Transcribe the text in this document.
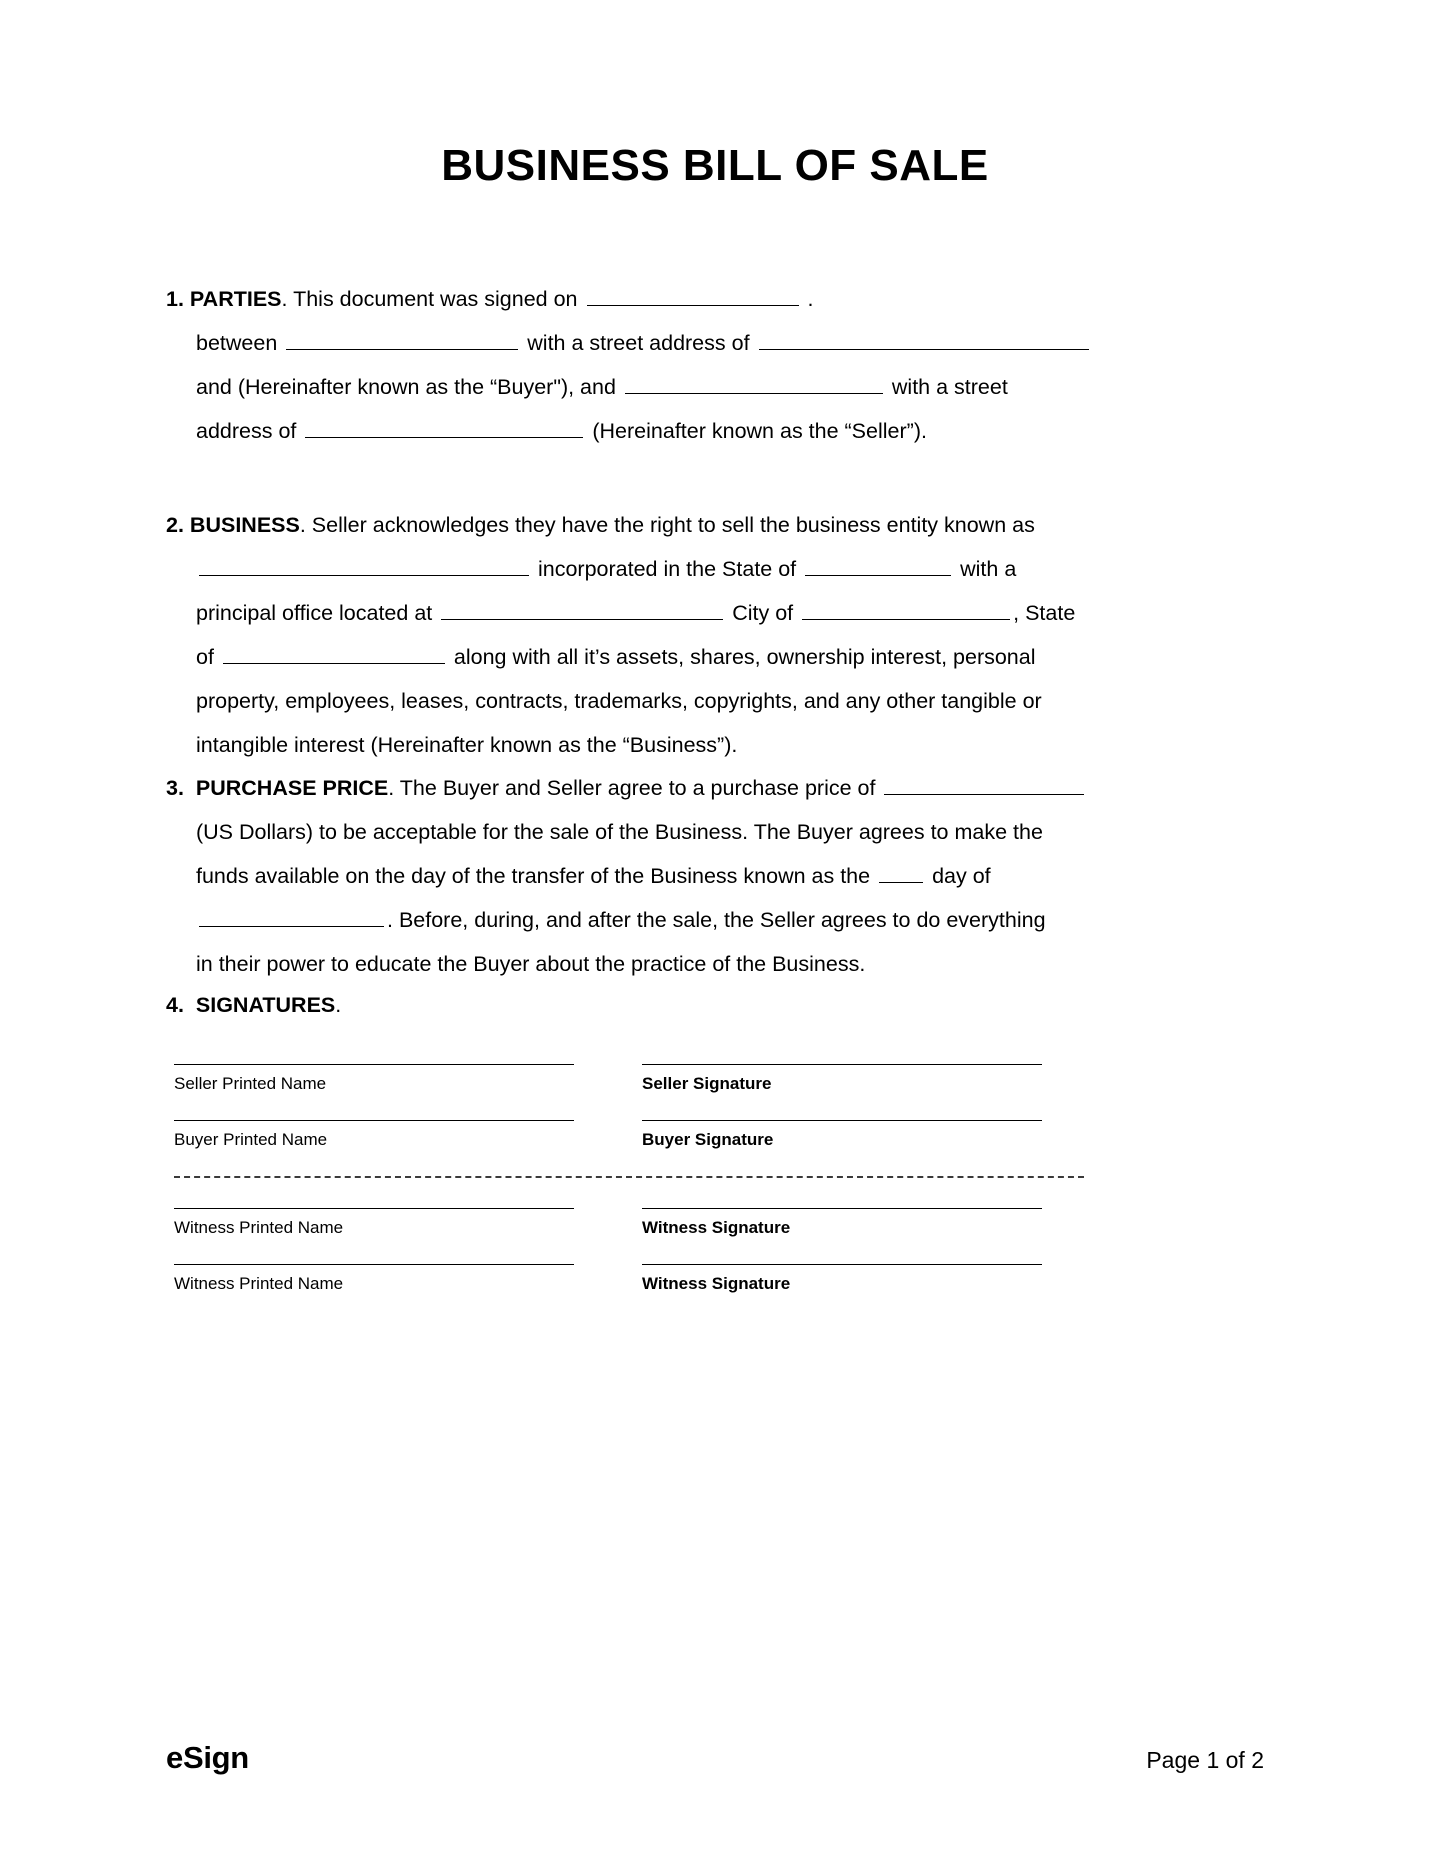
BUSINESS BILL OF SALE
1. PARTIES. This document was signed on	.
between	with a street address of
and (Hereinafter known as the “Buyer"), and	with a street
address of	(Hereinafter known as the “Seller”).
2. BUSINESS. Seller acknowledges they have the right to sell the business entity known as
incorporated in the State of	with a
principal office located at	City of	, State
of	along with all it’s assets, shares, ownership interest, personal
property, employees, leases, contracts, trademarks, copyrights, and any other tangible or
intangible interest (Hereinafter known as the “Business”).
3. PURCHASE PRICE. The Buyer and Seller agree to a purchase price of
(US Dollars) to be acceptable for the sale of the Business. The Buyer agrees to make the
funds available on the day of the transfer of the Business known as the	day of
. Before, during, and after the sale, the Seller agrees to do everything
in their power to educate the Buyer about the practice of the Business.
4. SIGNATURES.
Seller Printed Name	Seller Signature
Buyer Printed Name	Buyer Signature
Witness Printed Name	Witness Signature
Witness Printed Name	Witness Signature
eSign	Page 1 of 2
